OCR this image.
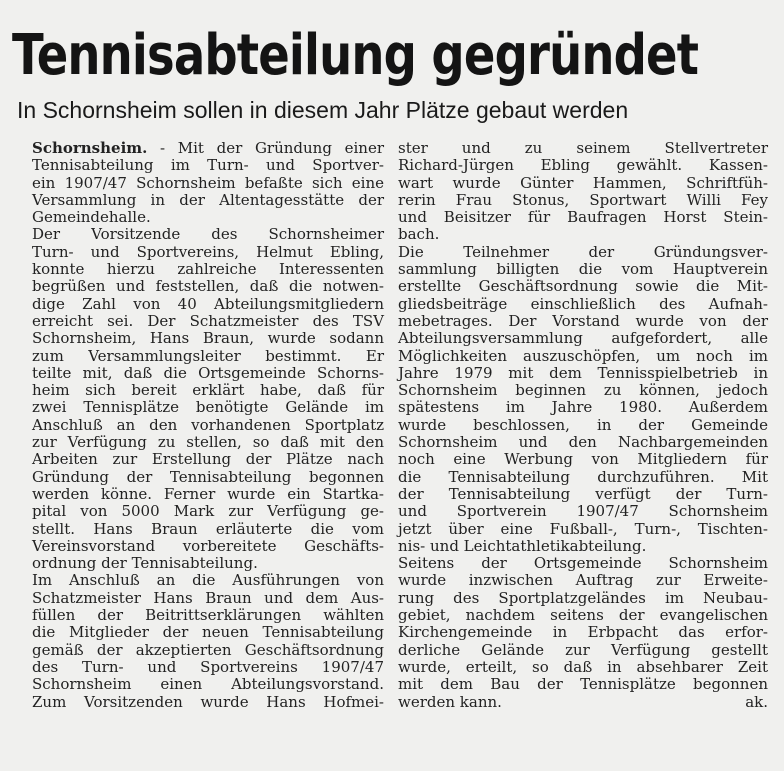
Tennisabteilung gegründet
In Schornsheim sollen in diesem Jahr Plätze gebaut werden
Schornsheim. - Mit der Gründung einer
Tennisabteilung im Turn- und Sportver-
ein 1907/47 Schornsheim befaßte sich eine
Versammlung in der Altentagesstätte der
Gemeindehalle.
Der Vorsitzende des Schornsheimer
Turn- und Sportvereins, Helmut Ebling,
konnte hierzu zahlreiche Interessenten
begrüßen und feststellen, daß die notwen-
dige Zahl von 40 Abteilungsmitgliedern
erreicht sei. Der Schatzmeister des TSV
Schornsheim, Hans Braun, wurde sodann
zum Versammlungsleiter bestimmt. Er
teilte mit, daß die Ortsgemeinde Schorns-
heim sich bereit erklärt habe, daß für
zwei Tennisplätze benötigte Gelände im
Anschluß an den vorhandenen Sportplatz
zur Verfügung zu stellen, so daß mit den
Arbeiten zur Erstellung der Plätze nach
Gründung der Tennisabteilung begonnen
werden könne. Ferner wurde ein Startka-
pital von 5000 Mark zur Verfügung ge-
stellt. Hans Braun erläuterte die vom
Vereinsvorstand vorbereitete Geschäfts-
ordnung der Tennisabteilung.
Im Anschluß an die Ausführungen von
Schatzmeister Hans Braun und dem Aus-
füllen der Beitrittserklärungen wählten
die Mitglieder der neuen Tennisabteilung
gemäß der akzeptierten Geschäftsordnung
des Turn- und Sportvereins 1907/47
Schornsheim einen Abteilungsvorstand.
Zum Vorsitzenden wurde Hans Hofmei-
ster und zu seinem Stellvertreter
Richard-Jürgen Ebling gewählt. Kassen-
wart wurde Günter Hammen, Schriftfüh-
rerin Frau Stonus, Sportwart Willi Fey
und Beisitzer für Baufragen Horst Stein-
bach.
Die Teilnehmer der Gründungsver-
sammlung billigten die vom Hauptverein
erstellte Geschäftsordnung sowie die Mit-
gliedsbeiträge einschließlich des Aufnah-
mebetrages. Der Vorstand wurde von der
Abteilungsversammlung aufgefordert, alle
Möglichkeiten auszuschöpfen, um noch im
Jahre 1979 mit dem Tennisspielbetrieb in
Schornsheim beginnen zu können, jedoch
spätestens im Jahre 1980. Außerdem
wurde beschlossen, in der Gemeinde
Schornsheim und den Nachbargemeinden
noch eine Werbung von Mitgliedern für
die Tennisabteilung durchzuführen. Mit
der Tennisabteilung verfügt der Turn-
und Sportverein 1907/47 Schornsheim
jetzt über eine Fußball-, Turn-, Tischten-
nis- und Leichtathletikabteilung.
Seitens der Ortsgemeinde Schornsheim
wurde inzwischen Auftrag zur Erweite-
rung des Sportplatzgeländes im Neubau-
gebiet, nachdem seitens der evangelischen
Kirchengemeinde in Erbpacht das erfor-
derliche Gelände zur Verfügung gestellt
wurde, erteilt, so daß in absehbarer Zeit
mit dem Bau der Tennisplätze begonnen
werden kann.	ak.
